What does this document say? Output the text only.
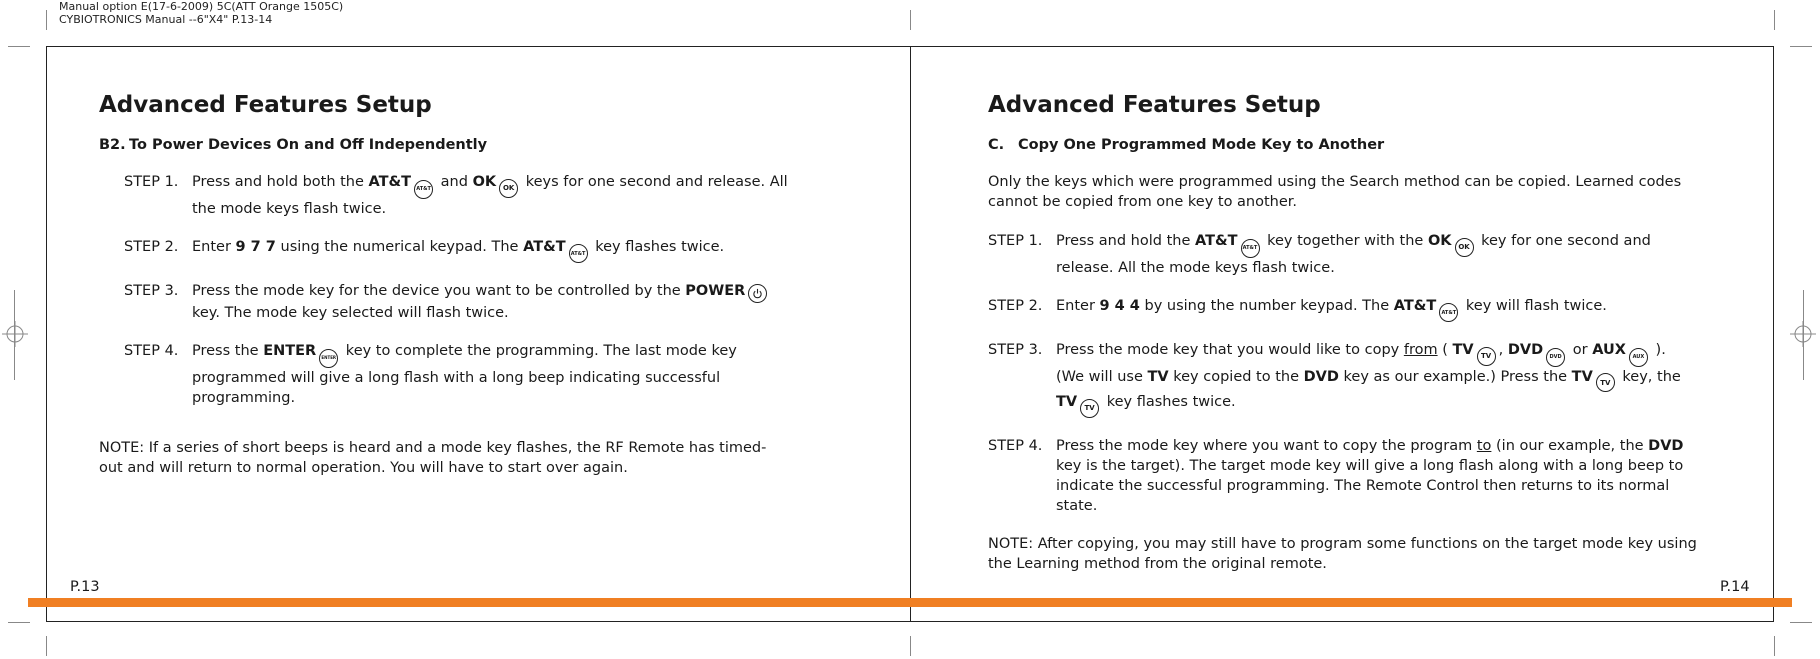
Manual option E(17-6-2009) 5C(ATT Orange 1505C)
CYBIOTRONICS Manual --6"X4" P.13-14
Advanced Features Setup
B2. To Power Devices On and Off Independently
STEP 1. Press and hold both the AT&T AT&T and OK OK keys for one second and release. All the mode keys flash twice.
STEP 2. Enter 9 7 7 using the numerical keypad. The AT&T AT&T key flashes twice.
STEP 3. Press the mode key for the device you want to be controlled by the POWER
key. The mode key selected will flash twice.
STEP 4. Press the ENTER ENTER key to complete the programming. The last mode key programmed will give a long flash with a long beep indicating successful programming.

NOTE: If a series of short beeps is heard and a mode key flashes, the RF Remote has timed-out and will return to normal operation. You will have to start over again.

P.13
Advanced Features Setup
C. Copy One Programmed Mode Key to Another

Only the keys which were programmed using the Search method can be copied. Learned codes cannot be copied from one key to another.

STEP 1. Press and hold the AT&T AT&T key together with the OK OK key for one second and release. All the mode keys flash twice.
STEP 2. Enter 9 4 4 by using the number keypad. The AT&T AT&T key will flash twice.
STEP 3. Press the mode key that you would like to copy from ( TV TV , DVD DVD or AUX AUX ). (We will use TV key copied to the DVD key as our example.) Press the TV TV key, the TV TV key flashes twice.
STEP 4. Press the mode key where you want to copy the program to (in our example, the DVD key is the target). The target mode key will give a long flash along with a long beep to indicate the successful programming. The Remote Control then returns to its normal state.

NOTE: After copying, you may still have to program some functions on the target mode key using the Learning method from the original remote.

P.14
